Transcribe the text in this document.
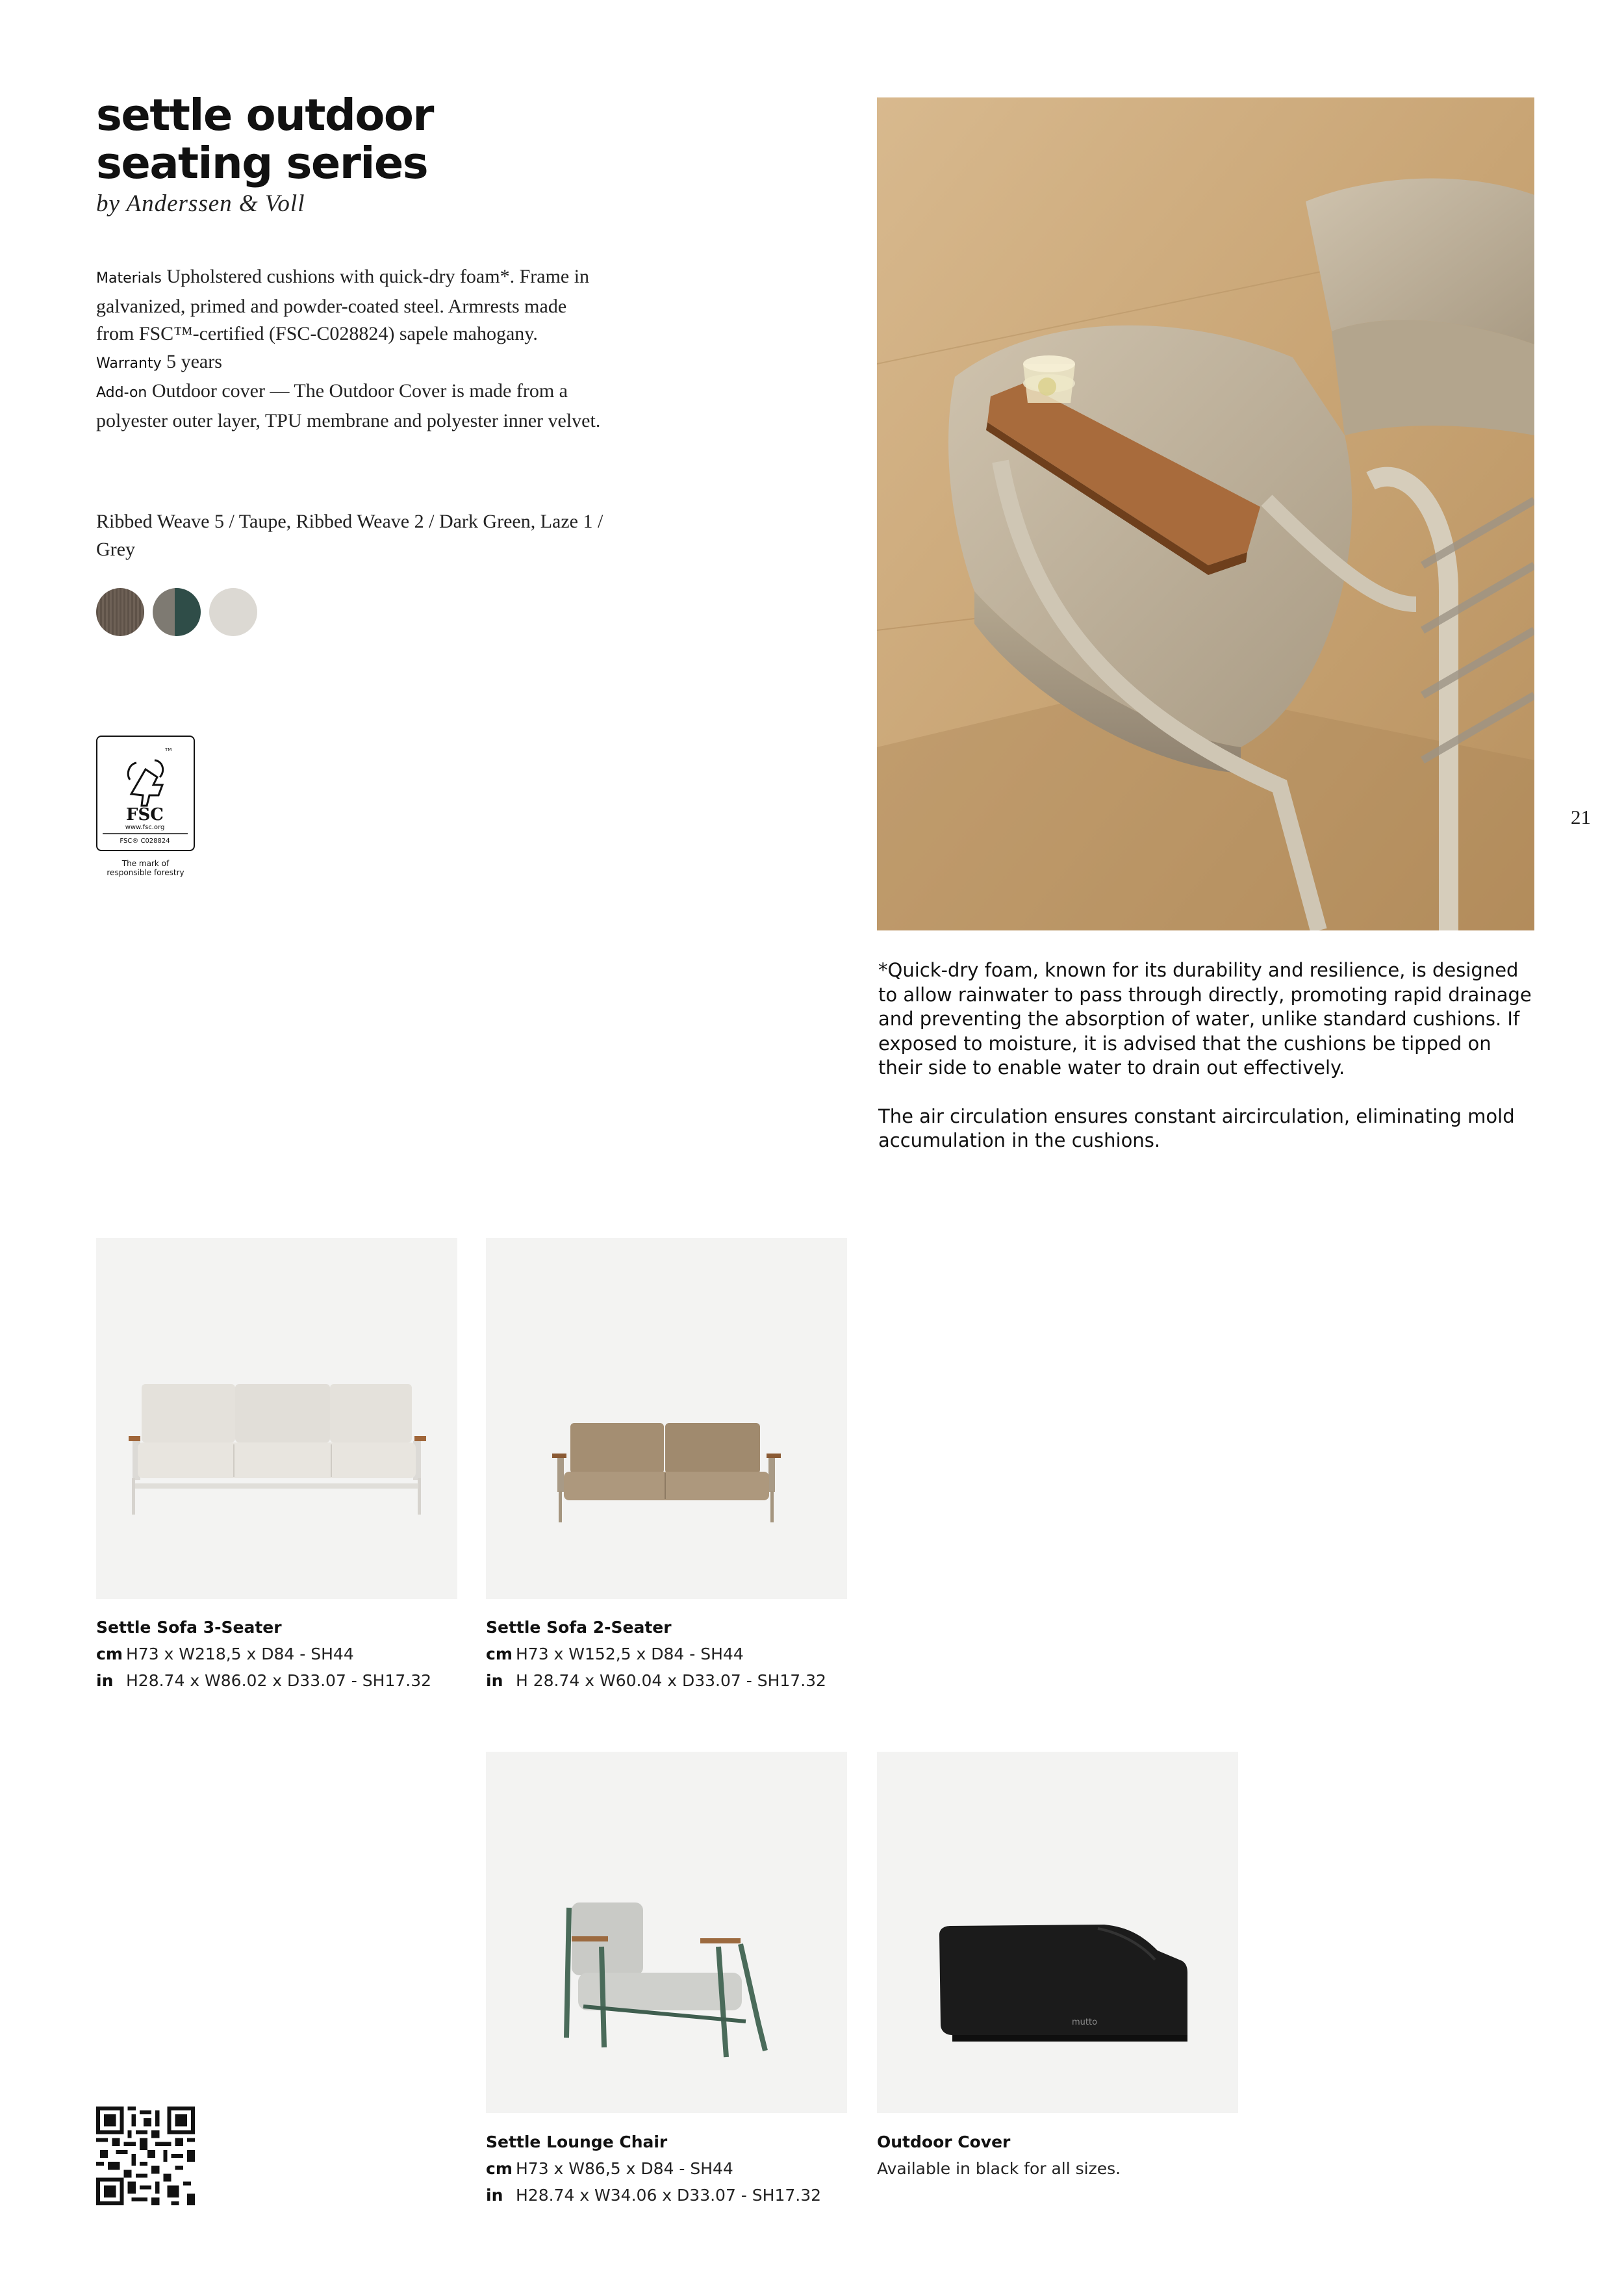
settle outdoor
seating series
by Anderssen & Voll
Materials Upholstered cushions with quick-dry foam*. Frame in galvanized, primed and powder-coated steel. Armrests made from FSC™-certified (FSC-C028824) sapele mahogany.
Warranty 5 years
Add-on Outdoor cover — The Outdoor Cover is made from a polyester outer layer, TPU membrane and polyester inner velvet.
Ribbed Weave 5 / Taupe, Ribbed Weave 2 / Dark Green, Laze 1 / Grey
TM
FSC
www.fsc.org
FSC® C028824
The mark of
responsible forestry
21

*Quick-dry foam, known for its durability and resilience, is designed to allow rainwater to pass through directly, promoting rapid drainage and preventing the absorption of water, unlike standard cushions. If exposed to moisture, it is advised that the cushions be tipped on their side to enable water to drain out effectively.

The air circulation ensures constant aircirculation, eliminating mold accumulation in the cushions.

Settle Sofa 3-Seater
cm H73 x W218,5 x D84 - SH44
in H28.74 x W86.02 x D33.07 - SH17.32
Settle Sofa 2-Seater
cm H73 x W152,5 x D84 - SH44
in H 28.74 x W60.04 x D33.07 - SH17.32
Settle Lounge Chair
cm H73 x W86,5 x D84 - SH44
in H28.74 x W34.06 x D33.07 - SH17.32
mutto
Outdoor Cover
Available in black for all sizes.
